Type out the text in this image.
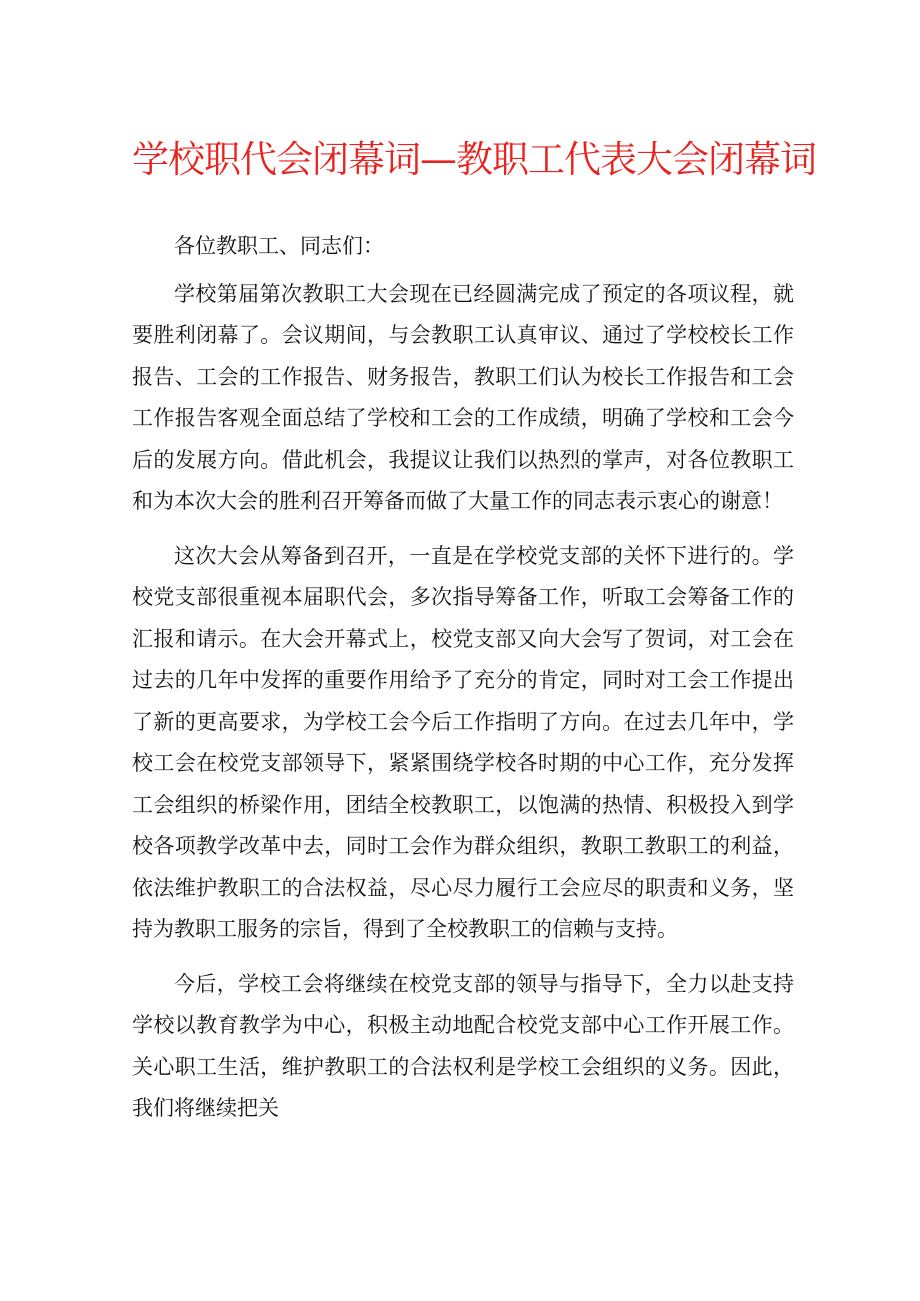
学校职代会闭幕词—教职工代表大会闭幕词

各位教职工、同志们：

学校第届第次教职工大会现在已经圆满完成了预定的各项议程，就要胜利闭幕了。会议期间，与会教职工认真审议、通过了学校校长工作报告、工会的工作报告、财务报告，教职工们认为校长工作报告和工会工作报告客观全面总结了学校和工会的工作成绩，明确了学校和工会今后的发展方向。借此机会，我提议让我们以热烈的掌声，对各位教职工和为本次大会的胜利召开筹备而做了大量工作的同志表示衷心的谢意！

这次大会从筹备到召开，一直是在学校党支部的关怀下进行的。学校党支部很重视本届职代会，多次指导筹备工作，听取工会筹备工作的汇报和请示。在大会开幕式上，校党支部又向大会写了贺词，对工会在过去的几年中发挥的重要作用给予了充分的肯定，同时对工会工作提出了新的更高要求，为学校工会今后工作指明了方向。在过去几年中，学校工会在校党支部领导下，紧紧围绕学校各时期的中心工作，充分发挥工会组织的桥梁作用，团结全校教职工，以饱满的热情、积极投入到学校各项教学改革中去，同时工会作为群众组织，教职工教职工的利益，依法维护教职工的合法权益，尽心尽力履行工会应尽的职责和义务，坚持为教职工服务的宗旨，得到了全校教职工的信赖与支持。

今后，学校工会将继续在校党支部的领导与指导下，全力以赴支持学校以教育教学为中心，积极主动地配合校党支部中心工作开展工作。关心职工生活，维护教职工的合法权利是学校工会组织的义务。因此，我们将继续把关
